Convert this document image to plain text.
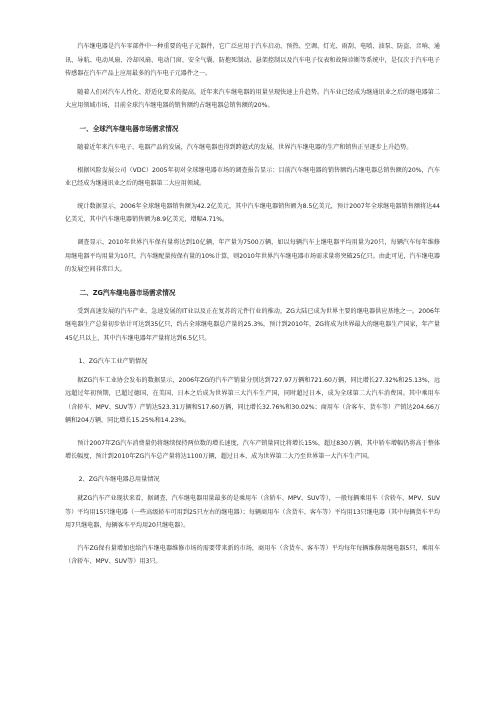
汽车继电器是汽车零部件中一种重要的电子元器件，它广泛应用于汽车启动、预热、空调、灯光、雨刮、电喷、油泵、防盗、音响、通讯、导航、电动风扇、冷却风扇、电动门窗、安全气囊、防抱死制动、悬架控制以及汽车电子仪表和故障诊断等系统中，是仅次于汽车电子传感器在汽车产品上应用最多的汽车电子元器件之一。

随着人们对汽车人性化、舒适化要求的提高，近年来汽车继电器的用量呈现快速上升趋势。汽车业已经成为继通讯业之后的继电器第二大应用领域市场，目前全球汽车继电器的销售额约占继电器总销售额的20%。

一、全球汽车继电器市场需求情况

随着近年来汽车电子、电器产品的发展，汽车继电器也得到跨越式的发展，世界汽车继电器的生产和销售正呈逐步上升趋势。

根据风险发展公司（VDC）2005年初对全球继电器市场的调查报告显示：目前汽车继电器的销售额约占继电器总销售额的20%，汽车业已经成为继通讯业之后的继电器第二大应用领域。

统计数据显示，2006年全球继电器销售额为42.2亿美元，其中汽车继电器销售额为8.5亿美元，预计2007年全球继电器销售额将达44亿美元，其中汽车继电器销售额为8.9亿美元，增幅4.71%。

调查显示，2010年世界汽车保有量将达到10亿辆，年产量为7500万辆，如以每辆汽车上继电器平均用量为20只，每辆汽车每年维修用继电器平均用量为10只，汽车继配量按保有量的10%计算，则2010年世界汽车继电器市场需求量将突破25亿只。由此可见，汽车继电器的发展空间非常巨大。

二、ZG汽车继电器市场需求情况

受到高速发展的汽车产业、急速发展的IT业以及正在复苏的元件行业的推动，ZG大陆已成为世界主要的继电器供应基地之一。2006年继电器生产总量初步估计可达到35亿只，约占全球继电器总产量的25.3%，预计到2010年，ZG将成为世界最大的继电器生产国家，年产量45亿只以上，其中汽车继电器年产量将达到6.5亿只。

1、ZG汽车工业产销情况

据ZG汽车工业协会发布的数据显示，2006年ZG的汽车产销量分别达到727.97万辆和721.60万辆，同比增长27.32%和25.13%，远远超过年初预期，已超过德国，在美国、日本之后成为世界第三大汽车生产国，同时超过日本，成为全球第二大汽车消费国。其中乘用车（含轿车、MPV、SUV等）产销达523.31万辆和517.60万辆，同比增长32.76%和30.02%；商用车（含客车、货车等）产销达204.66万辆和204万辆，同比增长15.25%和14.23%。

预计2007年ZG汽车消费量仍将继续保持两位数的增长速度，汽车产销量同比将增长15%，超过830万辆，其中轿车增幅仍将高于整体增长幅度，预计到2010年ZG汽车总产量将达1100万辆，超过日本，成为世界第二大乃至世界第一大汽车生产国。

2、ZG汽车继电器总用量情况

就ZG汽车产业现状来看，据调查，汽车继电器用量最多的是乘用车（含轿车、MPV、SUV等），一般每辆乘用车（含轿车、MPV、SUV等）平均用15只继电器（一些高级轿车可用到25只左右的继电器）；每辆商用车（含货车、客车等）平均用13只继电器（其中每辆货车平均用7只继电器，每辆客车平均用20只继电器）。

汽车ZG保有量增加也给汽车继电器维修市场的需要带来新的市场，商用车（含货车、客车等）平均每年每辆维修用继电器5只，乘用车（含轿车、MPV、SUV等）用3只。
